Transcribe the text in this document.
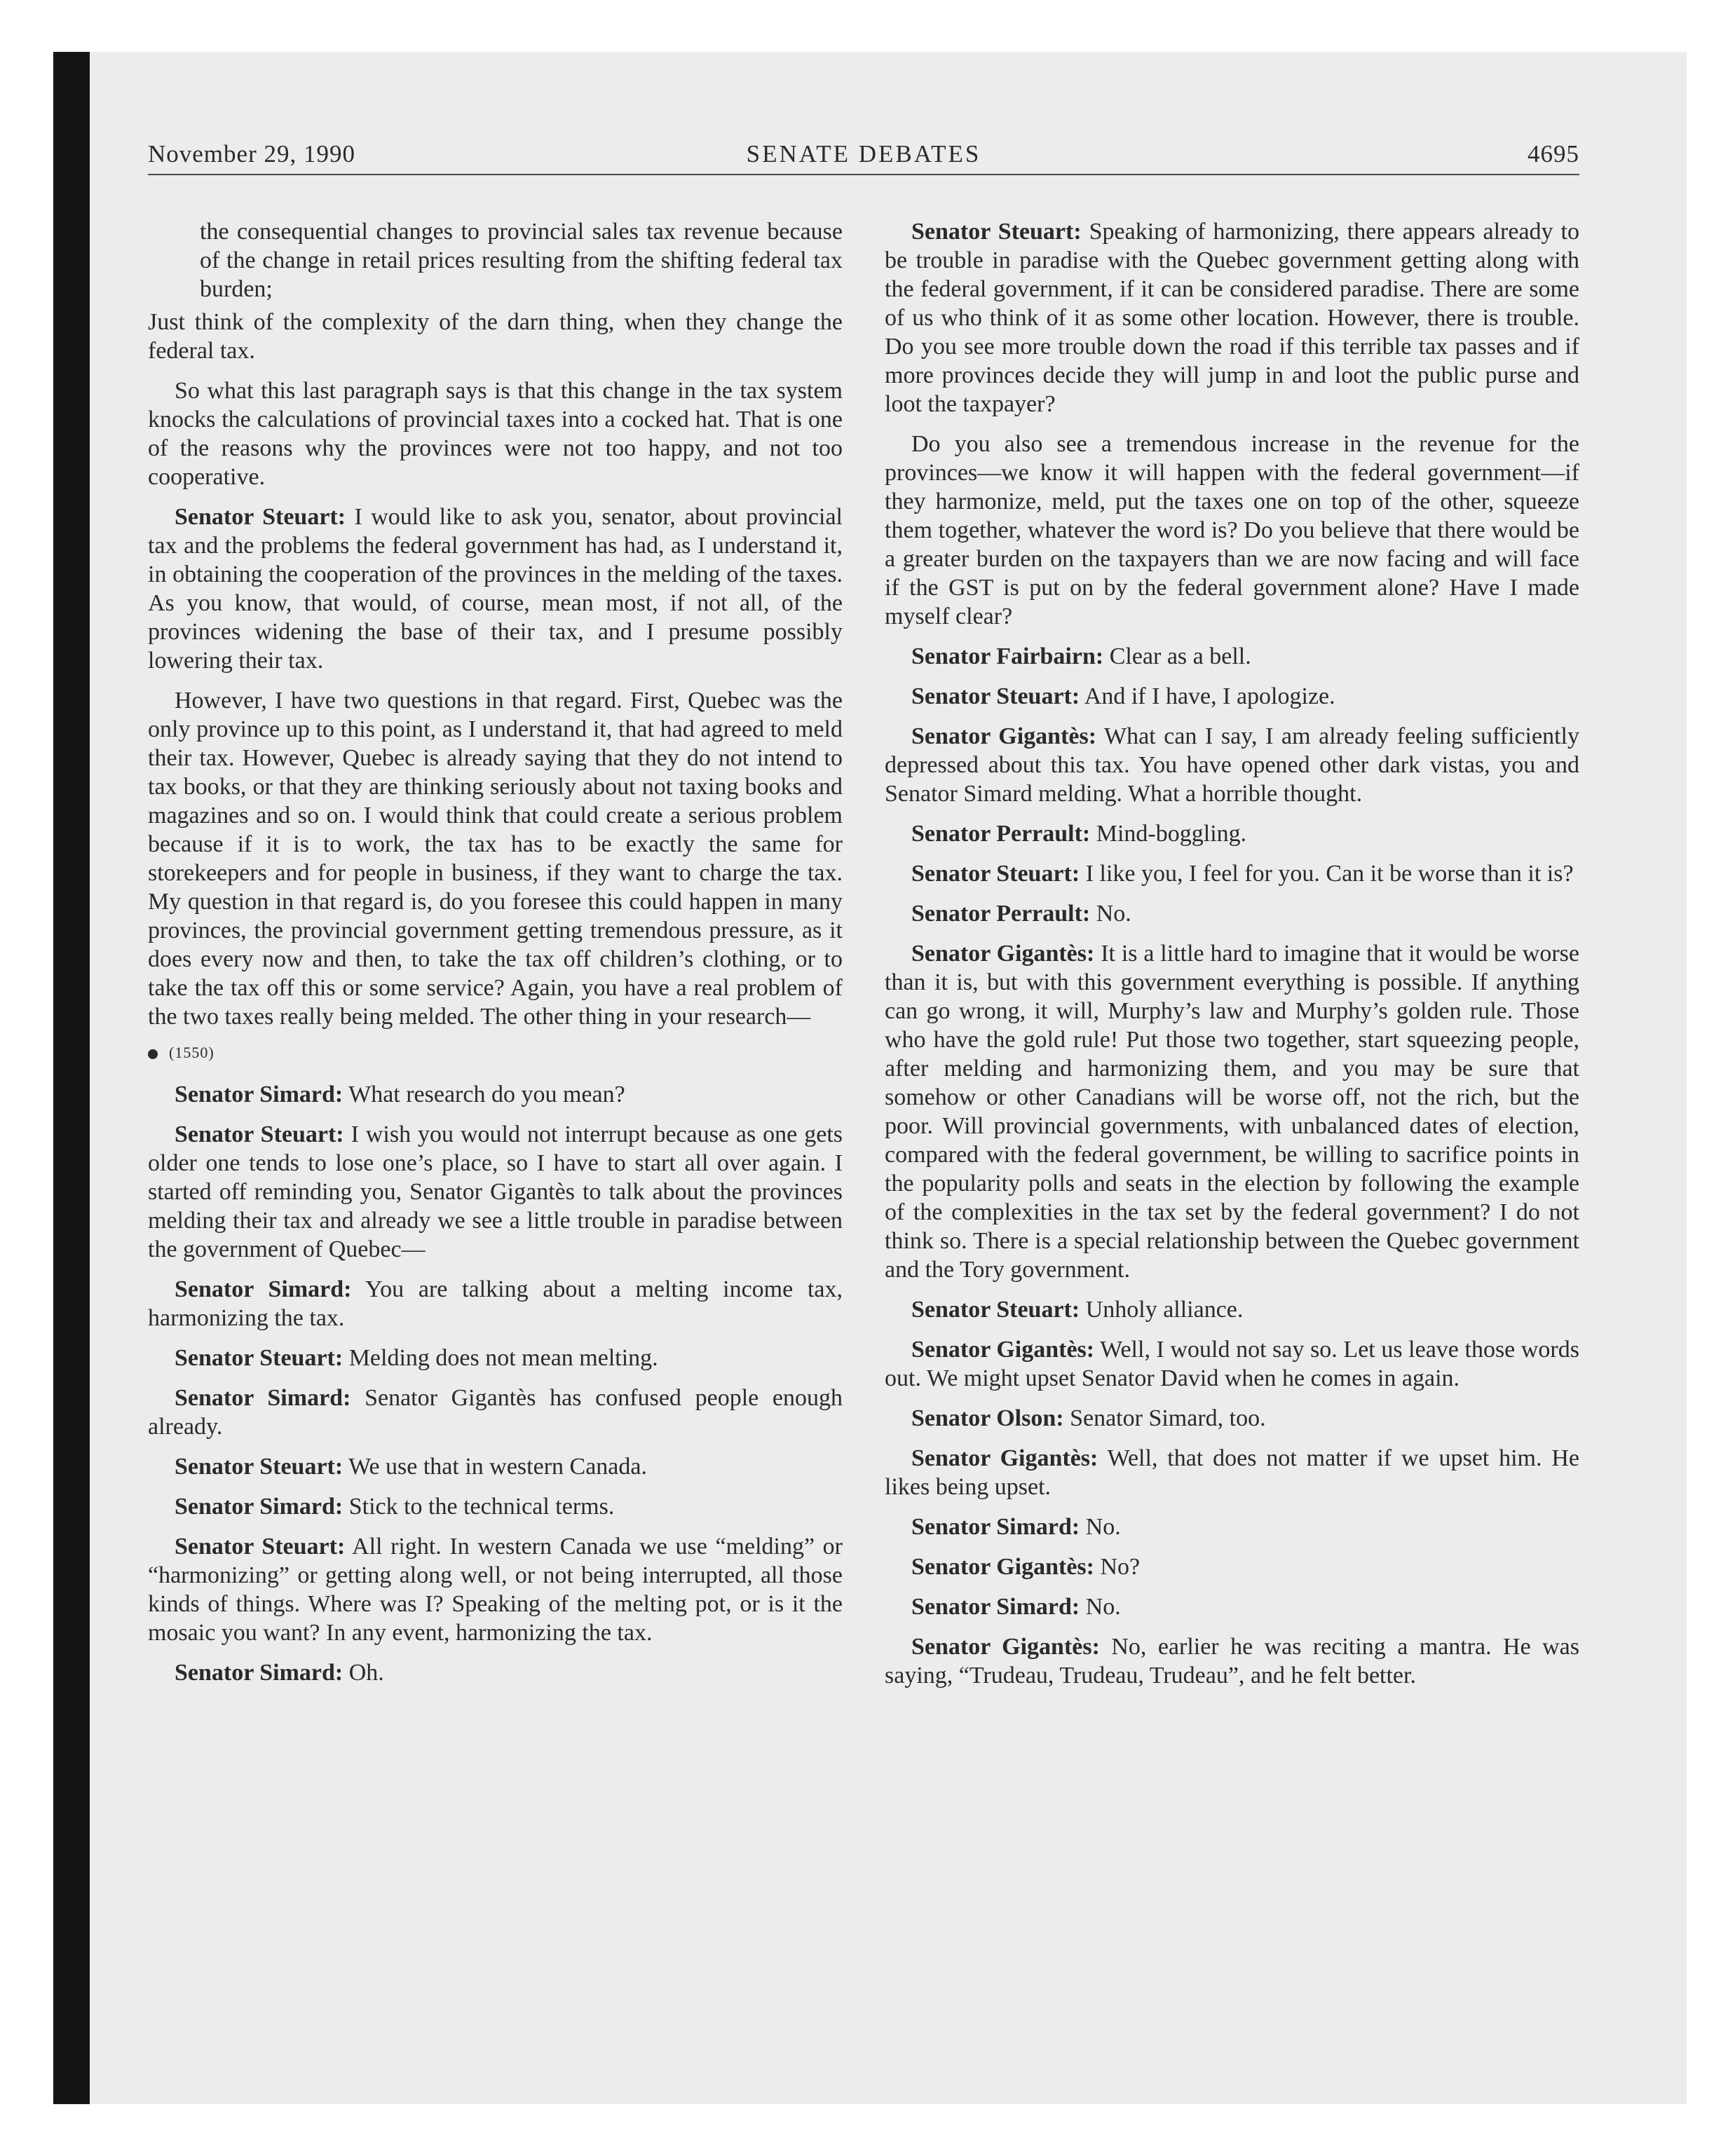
SENATE DEBATES
November 29, 1990	4695

the consequential changes to provincial sales tax revenue because of the change in retail prices resulting from the shifting federal tax burden;

Just think of the complexity of the darn thing, when they change the federal tax.

So what this last paragraph says is that this change in the tax system knocks the calculations of provincial taxes into a cocked hat. That is one of the reasons why the provinces were not too happy, and not too cooperative.

Senator Steuart: I would like to ask you, senator, about provincial tax and the problems the federal government has had, as I understand it, in obtaining the cooperation of the provinces in the melding of the taxes. As you know, that would, of course, mean most, if not all, of the provinces widening the base of their tax, and I presume possibly lowering their tax.

However, I have two questions in that regard. First, Quebec was the only province up to this point, as I understand it, that had agreed to meld their tax. However, Quebec is already saying that they do not intend to tax books, or that they are thinking seriously about not taxing books and magazines and so on. I would think that could create a serious problem because if it is to work, the tax has to be exactly the same for storekeepers and for people in business, if they want to charge the tax. My question in that regard is, do you foresee this could happen in many provinces, the provincial government getting tremendous pressure, as it does every now and then, to take the tax off children’s clothing, or to take the tax off this or some service? Again, you have a real problem of the two taxes really being melded. The other thing in your research—

(1550)

Senator Simard: What research do you mean?

Senator Steuart: I wish you would not interrupt because as one gets older one tends to lose one’s place, so I have to start all over again. I started off reminding you, Senator Gigantès to talk about the provinces melding their tax and already we see a little trouble in paradise between the government of Quebec—

Senator Simard: You are talking about a melting income tax, harmonizing the tax.

Senator Steuart: Melding does not mean melting.

Senator Simard: Senator Gigantès has confused people enough already.

Senator Steuart: We use that in western Canada.

Senator Simard: Stick to the technical terms.

Senator Steuart: All right. In western Canada we use “melding” or “harmonizing” or getting along well, or not being interrupted, all those kinds of things. Where was I? Speaking of the melting pot, or is it the mosaic you want? In any event, harmonizing the tax.

Senator Simard: Oh.

Senator Steuart: Speaking of harmonizing, there appears already to be trouble in paradise with the Quebec government getting along with the federal government, if it can be considered paradise. There are some of us who think of it as some other location. However, there is trouble. Do you see more trouble down the road if this terrible tax passes and if more provinces decide they will jump in and loot the public purse and loot the taxpayer?

Do you also see a tremendous increase in the revenue for the provinces—we know it will happen with the federal government—if they harmonize, meld, put the taxes one on top of the other, squeeze them together, whatever the word is? Do you believe that there would be a greater burden on the taxpayers than we are now facing and will face if the GST is put on by the federal government alone? Have I made myself clear?

Senator Fairbairn: Clear as a bell.

Senator Steuart: And if I have, I apologize.

Senator Gigantès: What can I say, I am already feeling sufficiently depressed about this tax. You have opened other dark vistas, you and Senator Simard melding. What a horrible thought.

Senator Perrault: Mind-boggling.

Senator Steuart: I like you, I feel for you. Can it be worse than it is?

Senator Perrault: No.

Senator Gigantès: It is a little hard to imagine that it would be worse than it is, but with this government everything is possible. If anything can go wrong, it will, Murphy’s law and Murphy’s golden rule. Those who have the gold rule! Put those two together, start squeezing people, after melding and harmonizing them, and you may be sure that somehow or other Canadians will be worse off, not the rich, but the poor. Will provincial governments, with unbalanced dates of election, compared with the federal government, be willing to sacrifice points in the popularity polls and seats in the election by following the example of the complexities in the tax set by the federal government? I do not think so. There is a special relationship between the Quebec government and the Tory government.

Senator Steuart: Unholy alliance.

Senator Gigantès: Well, I would not say so. Let us leave those words out. We might upset Senator David when he comes in again.

Senator Olson: Senator Simard, too.

Senator Gigantès: Well, that does not matter if we upset him. He likes being upset.

Senator Simard: No.

Senator Gigantès: No?

Senator Simard: No.

Senator Gigantès: No, earlier he was reciting a mantra. He was saying, “Trudeau, Trudeau, Trudeau”, and he felt better.
